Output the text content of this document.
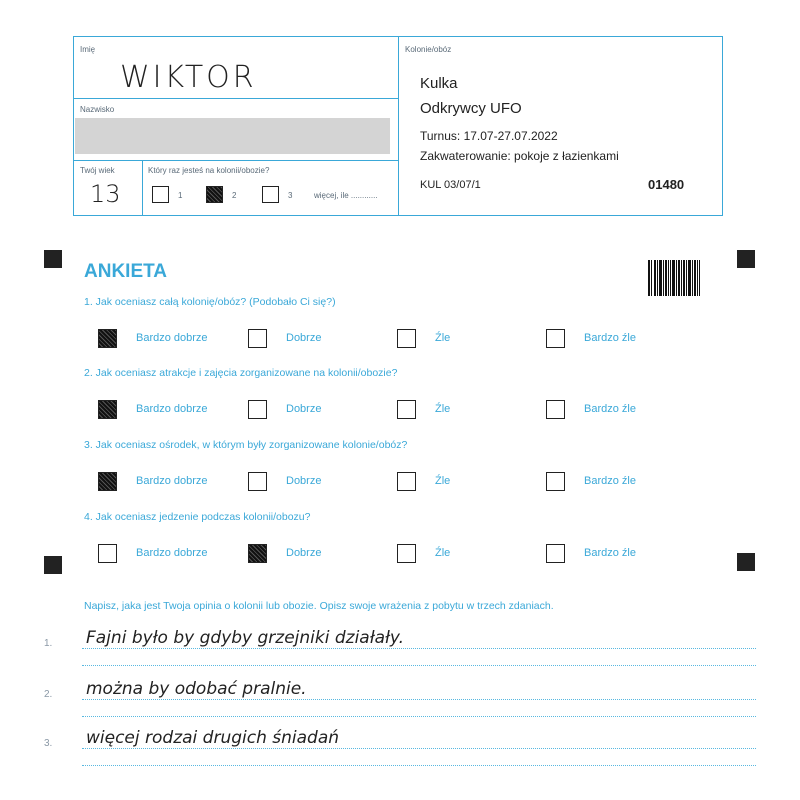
Imię
WIKTOR
Nazwisko
Twój wiek
13
Który raz jesteś na kolonii/obozie?
1	2	3	więcej, ile ............
Kolonie/obóz
Kulka
Odkrywcy UFO
Turnus: 17.07-27.07.2022
Zakwaterowanie: pokoje z łazienkami
KUL 03/07/1	01480
ANKIETA
1. Jak oceniasz całą kolonię/obóz? (Podobało Ci się?)
Bardzo dobrze	Dobrze	Źle	Bardzo źle
2. Jak oceniasz atrakcje i zajęcia zorganizowane na kolonii/obozie?
Bardzo dobrze	Dobrze	Źle	Bardzo źle
3. Jak oceniasz ośrodek, w którym były zorganizowane kolonie/obóz?
Bardzo dobrze	Dobrze	Źle	Bardzo źle
4. Jak oceniasz jedzenie podczas kolonii/obozu?
Bardzo dobrze	Dobrze	Źle	Bardzo źle
Napisz, jaka jest Twoja opinia o kolonii lub obozie. Opisz swoje wrażenia z pobytu w trzech zdaniach.
1. Fajni było by gdyby grzejniki działały.
2. można by odobać pralnie.
3. więcej rodzai drugich śniadań
